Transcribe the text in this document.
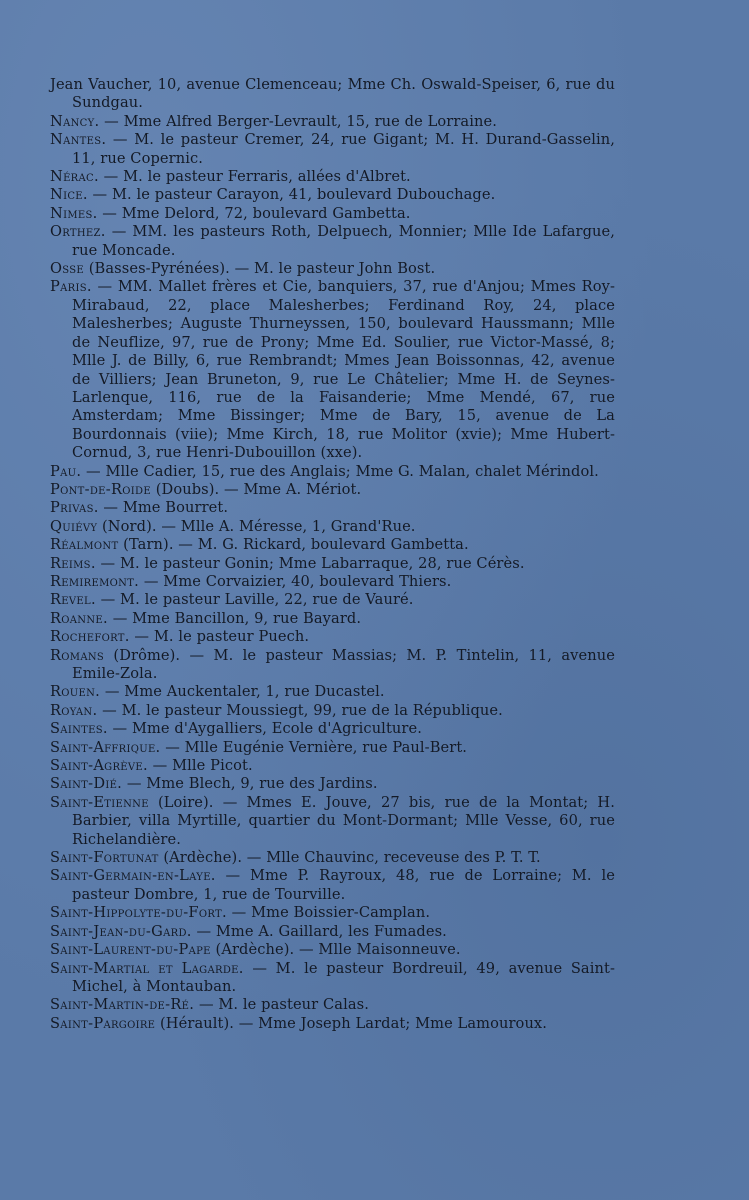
Jean Vaucher, 10, avenue Clemenceau; Mme Ch. Oswald-Speiser, 6, rue du Sundgau.

Nancy. — Mme Alfred Berger-Levrault, 15, rue de Lorraine.

Nantes. — M. le pasteur Cremer, 24, rue Gigant; M. H. Durand-Gasselin, 11, rue Copernic.

Nérac. — M. le pasteur Ferraris, allées d'Albret.

Nice. — M. le pasteur Carayon, 41, boulevard Dubouchage.

Nimes. — Mme Delord, 72, boulevard Gambetta.

Orthez. — MM. les pasteurs Roth, Delpuech, Monnier; Mlle Ide Lafargue, rue Moncade.

Osse (Basses-Pyrénées). — M. le pasteur John Bost.

Paris. — MM. Mallet frères et Cie, banquiers, 37, rue d'Anjou; Mmes Roy-Mirabaud, 22, place Malesherbes; Ferdinand Roy, 24, place Malesherbes; Auguste Thurneyssen, 150, boulevard Haussmann; Mlle de Neuflize, 97, rue de Prony; Mme Ed. Soulier, rue Victor-Massé, 8; Mlle J. de Billy, 6, rue Rembrandt; Mmes Jean Boissonnas, 42, avenue de Villiers; Jean Bruneton, 9, rue Le Châtelier; Mme H. de Seynes-Larlenque, 116, rue de la Faisanderie; Mme Mendé, 67, rue Amsterdam; Mme Bissinger; Mme de Bary, 15, avenue de La Bourdonnais (viie); Mme Kirch, 18, rue Molitor (xvie); Mme Hubert-Cornud, 3, rue Henri-Dubouillon (xxe).

Pau. — Mlle Cadier, 15, rue des Anglais; Mme G. Malan, chalet Mérindol.

Pont-de-Roide (Doubs). — Mme A. Mériot.

Privas. — Mme Bourret.

Quiévy (Nord). — Mlle A. Méresse, 1, Grand'Rue.

Réalmont (Tarn). — M. G. Rickard, boulevard Gambetta.

Reims. — M. le pasteur Gonin; Mme Labarraque, 28, rue Cérès.

Remiremont. — Mme Corvaizier, 40, boulevard Thiers.

Revel. — M. le pasteur Laville, 22, rue de Vauré.

Roanne. — Mme Bancillon, 9, rue Bayard.

Rochefort. — M. le pasteur Puech.

Romans (Drôme). — M. le pasteur Massias; M. P. Tintelin, 11, avenue Emile-Zola.

Rouen. — Mme Auckentaler, 1, rue Ducastel.

Royan. — M. le pasteur Moussiegt, 99, rue de la République.

Saintes. — Mme d'Aygalliers, Ecole d'Agriculture.

Saint-Affrique. — Mlle Eugénie Vernière, rue Paul-Bert.

Saint-Agrève. — Mlle Picot.

Saint-Dié. — Mme Blech, 9, rue des Jardins.

Saint-Etienne (Loire). — Mmes E. Jouve, 27 bis, rue de la Montat; H. Barbier, villa Myrtille, quartier du Mont-Dormant; Mlle Vesse, 60, rue Richelandière.

Saint-Fortunat (Ardèche). — Mlle Chauvinc, receveuse des P. T. T.

Saint-Germain-en-Laye. — Mme P. Rayroux, 48, rue de Lorraine; M. le pasteur Dombre, 1, rue de Tourville.

Saint-Hippolyte-du-Fort. — Mme Boissier-Camplan.

Saint-Jean-du-Gard. — Mme A. Gaillard, les Fumades.

Saint-Laurent-du-Pape (Ardèche). — Mlle Maisonneuve.

Saint-Martial et Lagarde. — M. le pasteur Bordreuil, 49, avenue Saint-Michel, à Montauban.

Saint-Martin-de-Ré. — M. le pasteur Calas.

Saint-Pargoire (Hérault). — Mme Joseph Lardat; Mme Lamouroux.
